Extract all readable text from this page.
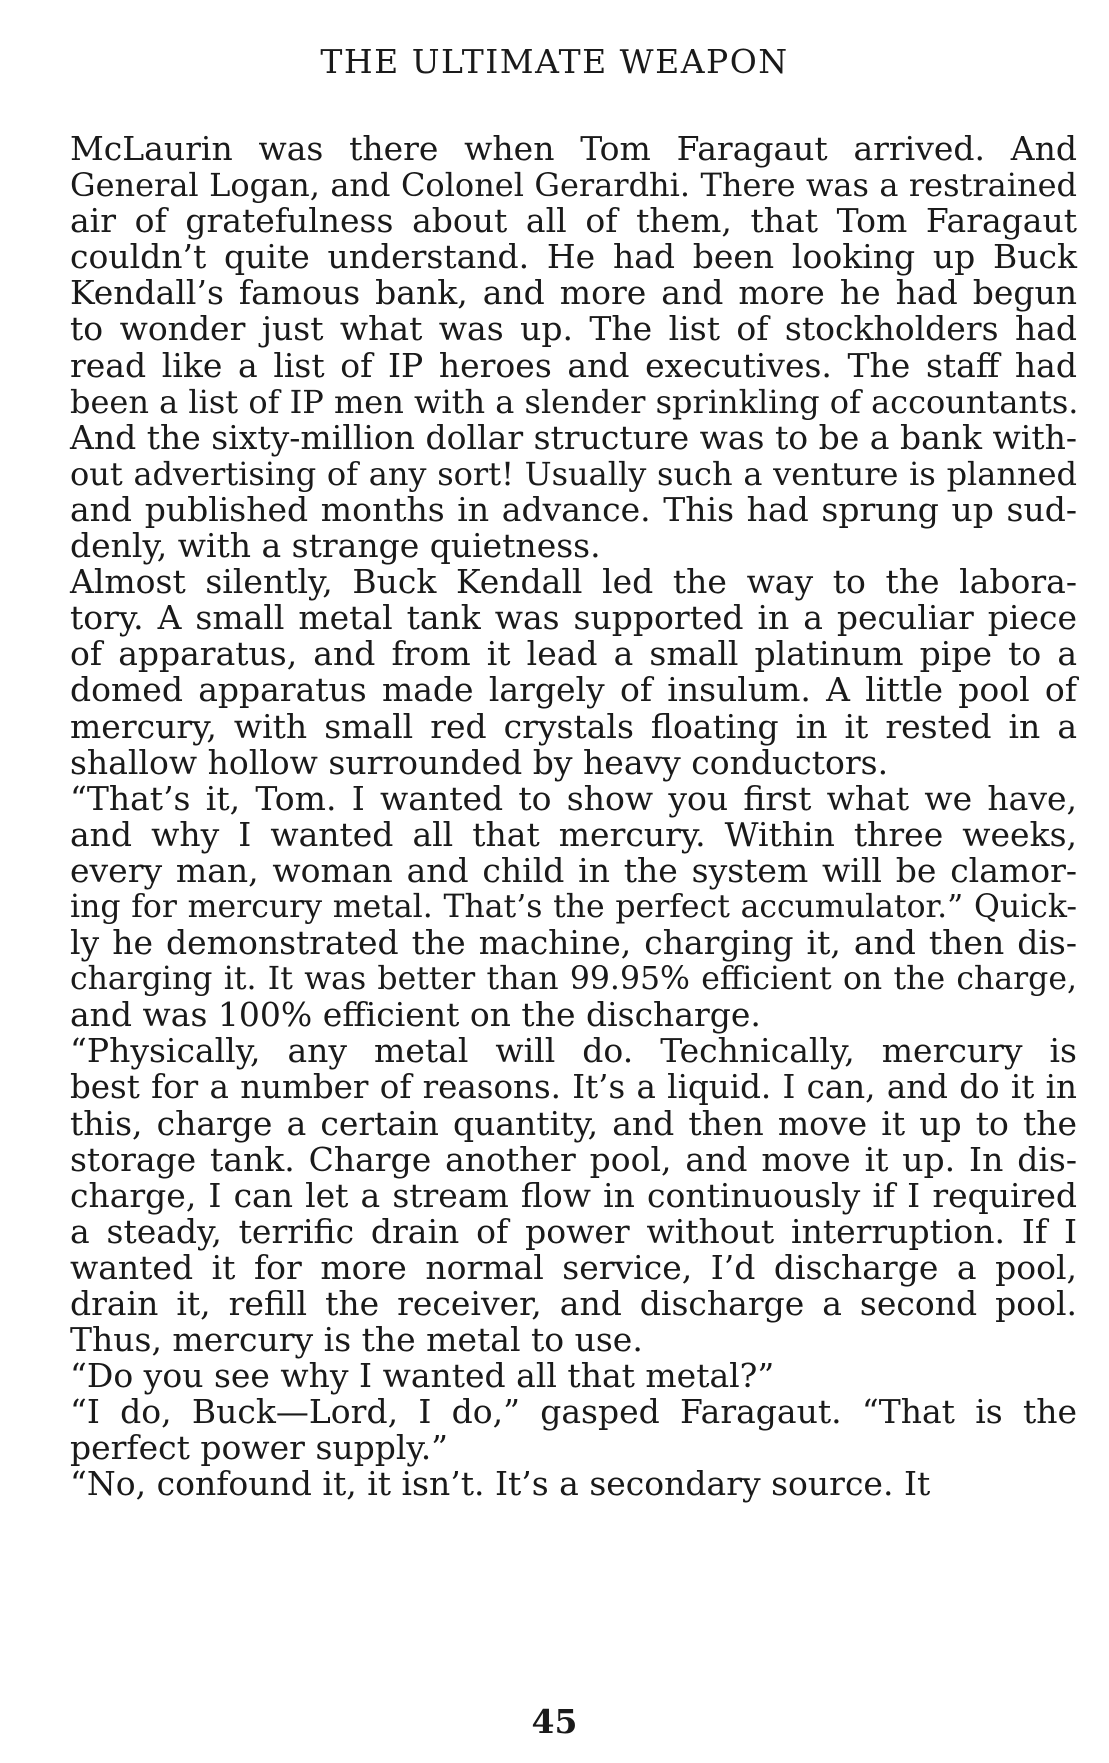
THE ULTIMATE WEAPON

McLaurin was there when Tom Faragaut arrived. And
General Logan, and Colonel Gerardhi. There was a restrained
air of gratefulness about all of them, that Tom Faragaut
couldn’t quite understand. He had been looking up Buck
Kendall’s famous bank, and more and more he had begun
to wonder just what was up. The list of stockholders had
read like a list of IP heroes and executives. The staff had
been a list of IP men with a slender sprinkling of accountants.
And the sixty-million dollar structure was to be a bank with-
out advertising of any sort! Usually such a venture is planned
and published months in advance. This had sprung up sud-
denly, with a strange quietness.

Almost silently, Buck Kendall led the way to the labora-
tory. A small metal tank was supported in a peculiar piece
of apparatus, and from it lead a small platinum pipe to a
domed apparatus made largely of insulum. A little pool of
mercury, with small red crystals floating in it rested in a
shallow hollow surrounded by heavy conductors.

“That’s it, Tom. I wanted to show you first what we have,
and why I wanted all that mercury. Within three weeks,
every man, woman and child in the system will be clamor-
ing for mercury metal. That’s the perfect accumulator.” Quick-
ly he demonstrated the machine, charging it, and then dis-
charging it. It was better than 99.95% efficient on the charge,
and was 100% efficient on the discharge.

“Physically, any metal will do. Technically, mercury is
best for a number of reasons. It’s a liquid. I can, and do it in
this, charge a certain quantity, and then move it up to the
storage tank. Charge another pool, and move it up. In dis-
charge, I can let a stream flow in continuously if I required
a steady, terrific drain of power without interruption. If I
wanted it for more normal service, I’d discharge a pool,
drain it, refill the receiver, and discharge a second pool.
Thus, mercury is the metal to use.

“Do you see why I wanted all that metal?”

“I do, Buck—Lord, I do,” gasped Faragaut. “That is the
perfect power supply.”

“No, confound it, it isn’t. It’s a secondary source. It

45
